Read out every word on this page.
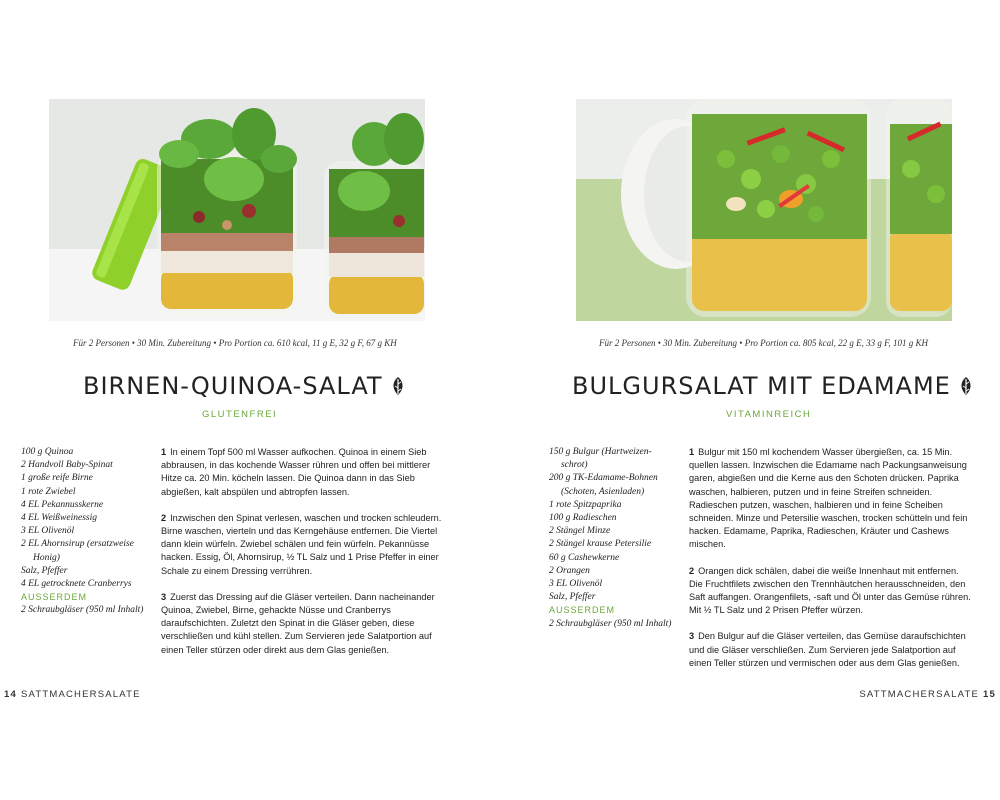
Für 2 Personen • 30 Min. Zubereitung • Pro Portion ca. 610 kcal, 11 g E, 32 g F, 67 g KH
BIRNEN-QUINOA-SALAT
GLUTENFREI
100 g Quinoa
2 Handvoll Baby-Spinat
1 große reife Birne
1 rote Zwiebel
4 EL Pekannusskerne
4 EL Weißweinessig
3 EL Olivenöl
2 EL Ahornsirup (ersatzweise
Honig)
Salz, Pfeffer
4 EL getrocknete Cranberrys
AUSSERDEM
2 Schraubgläser (950 ml Inhalt)

1 In einem Topf 500 ml Wasser aufkochen. Quinoa in einem Sieb abbrausen, in das kochende Wasser rühren und offen bei mittlerer Hitze ca. 20 Min. köcheln lassen. Die Quinoa dann in das Sieb abgießen, kalt abspülen und abtropfen lassen.

2 Inzwischen den Spinat verlesen, waschen und trocken schleudern. Birne waschen, vierteln und das Kerngehäuse entfernen. Die Viertel dann klein würfeln. Zwiebel schälen und fein würfeln. Pekannüsse hacken. Essig, Öl, Ahornsirup, ½ TL Salz und 1 Prise Pfeffer in einer Schale zu einem Dressing verrühren.

3 Zuerst das Dressing auf die Gläser verteilen. Dann nacheinander Quinoa, Zwiebel, Birne, gehackte Nüsse und Cranberrys daraufschichten. Zuletzt den Spinat in die Gläser geben, diese verschließen und kühl stellen. Zum Servieren jede Salatportion auf einen Teller stürzen oder direkt aus dem Glas genießen.

14 SATTMACHERSALATE
Für 2 Personen • 30 Min. Zubereitung • Pro Portion ca. 805 kcal, 22 g E, 33 g F, 101 g KH
BULGURSALAT MIT EDAMAME
VITAMINREICH
150 g Bulgur (Hartweizen-
schrot)
200 g TK-Edamame-Bohnen
(Schoten, Asienladen)
1 rote Spitzpaprika
100 g Radieschen
2 Stängel Minze
2 Stängel krause Petersilie
60 g Cashewkerne
2 Orangen
3 EL Olivenöl
Salz, Pfeffer
AUSSERDEM
2 Schraubgläser (950 ml Inhalt)

1 Bulgur mit 150 ml kochendem Wasser übergießen, ca. 15 Min. quellen lassen. Inzwischen die Edamame nach Packungsanweisung garen, abgießen und die Kerne aus den Schoten drücken. Paprika waschen, halbieren, putzen und in feine Streifen schneiden. Radieschen putzen, waschen, halbieren und in feine Scheiben schneiden. Minze und Petersilie waschen, trocken schütteln und fein hacken. Edamame, Paprika, Radieschen, Kräuter und Cashews mischen.

2 Orangen dick schälen, dabei die weiße Innenhaut mit entfernen. Die Fruchtfilets zwischen den Trennhäutchen herausschneiden, den Saft auffangen. Orangenfilets, -saft und Öl unter das Gemüse rühren. Mit ½ TL Salz und 2 Prisen Pfeffer würzen.

3 Den Bulgur auf die Gläser verteilen, das Gemüse daraufschichten und die Gläser verschließen. Zum Servieren jede Salatportion auf einen Teller stürzen und vermischen oder aus dem Glas genießen.

SATTMACHERSALATE 15
